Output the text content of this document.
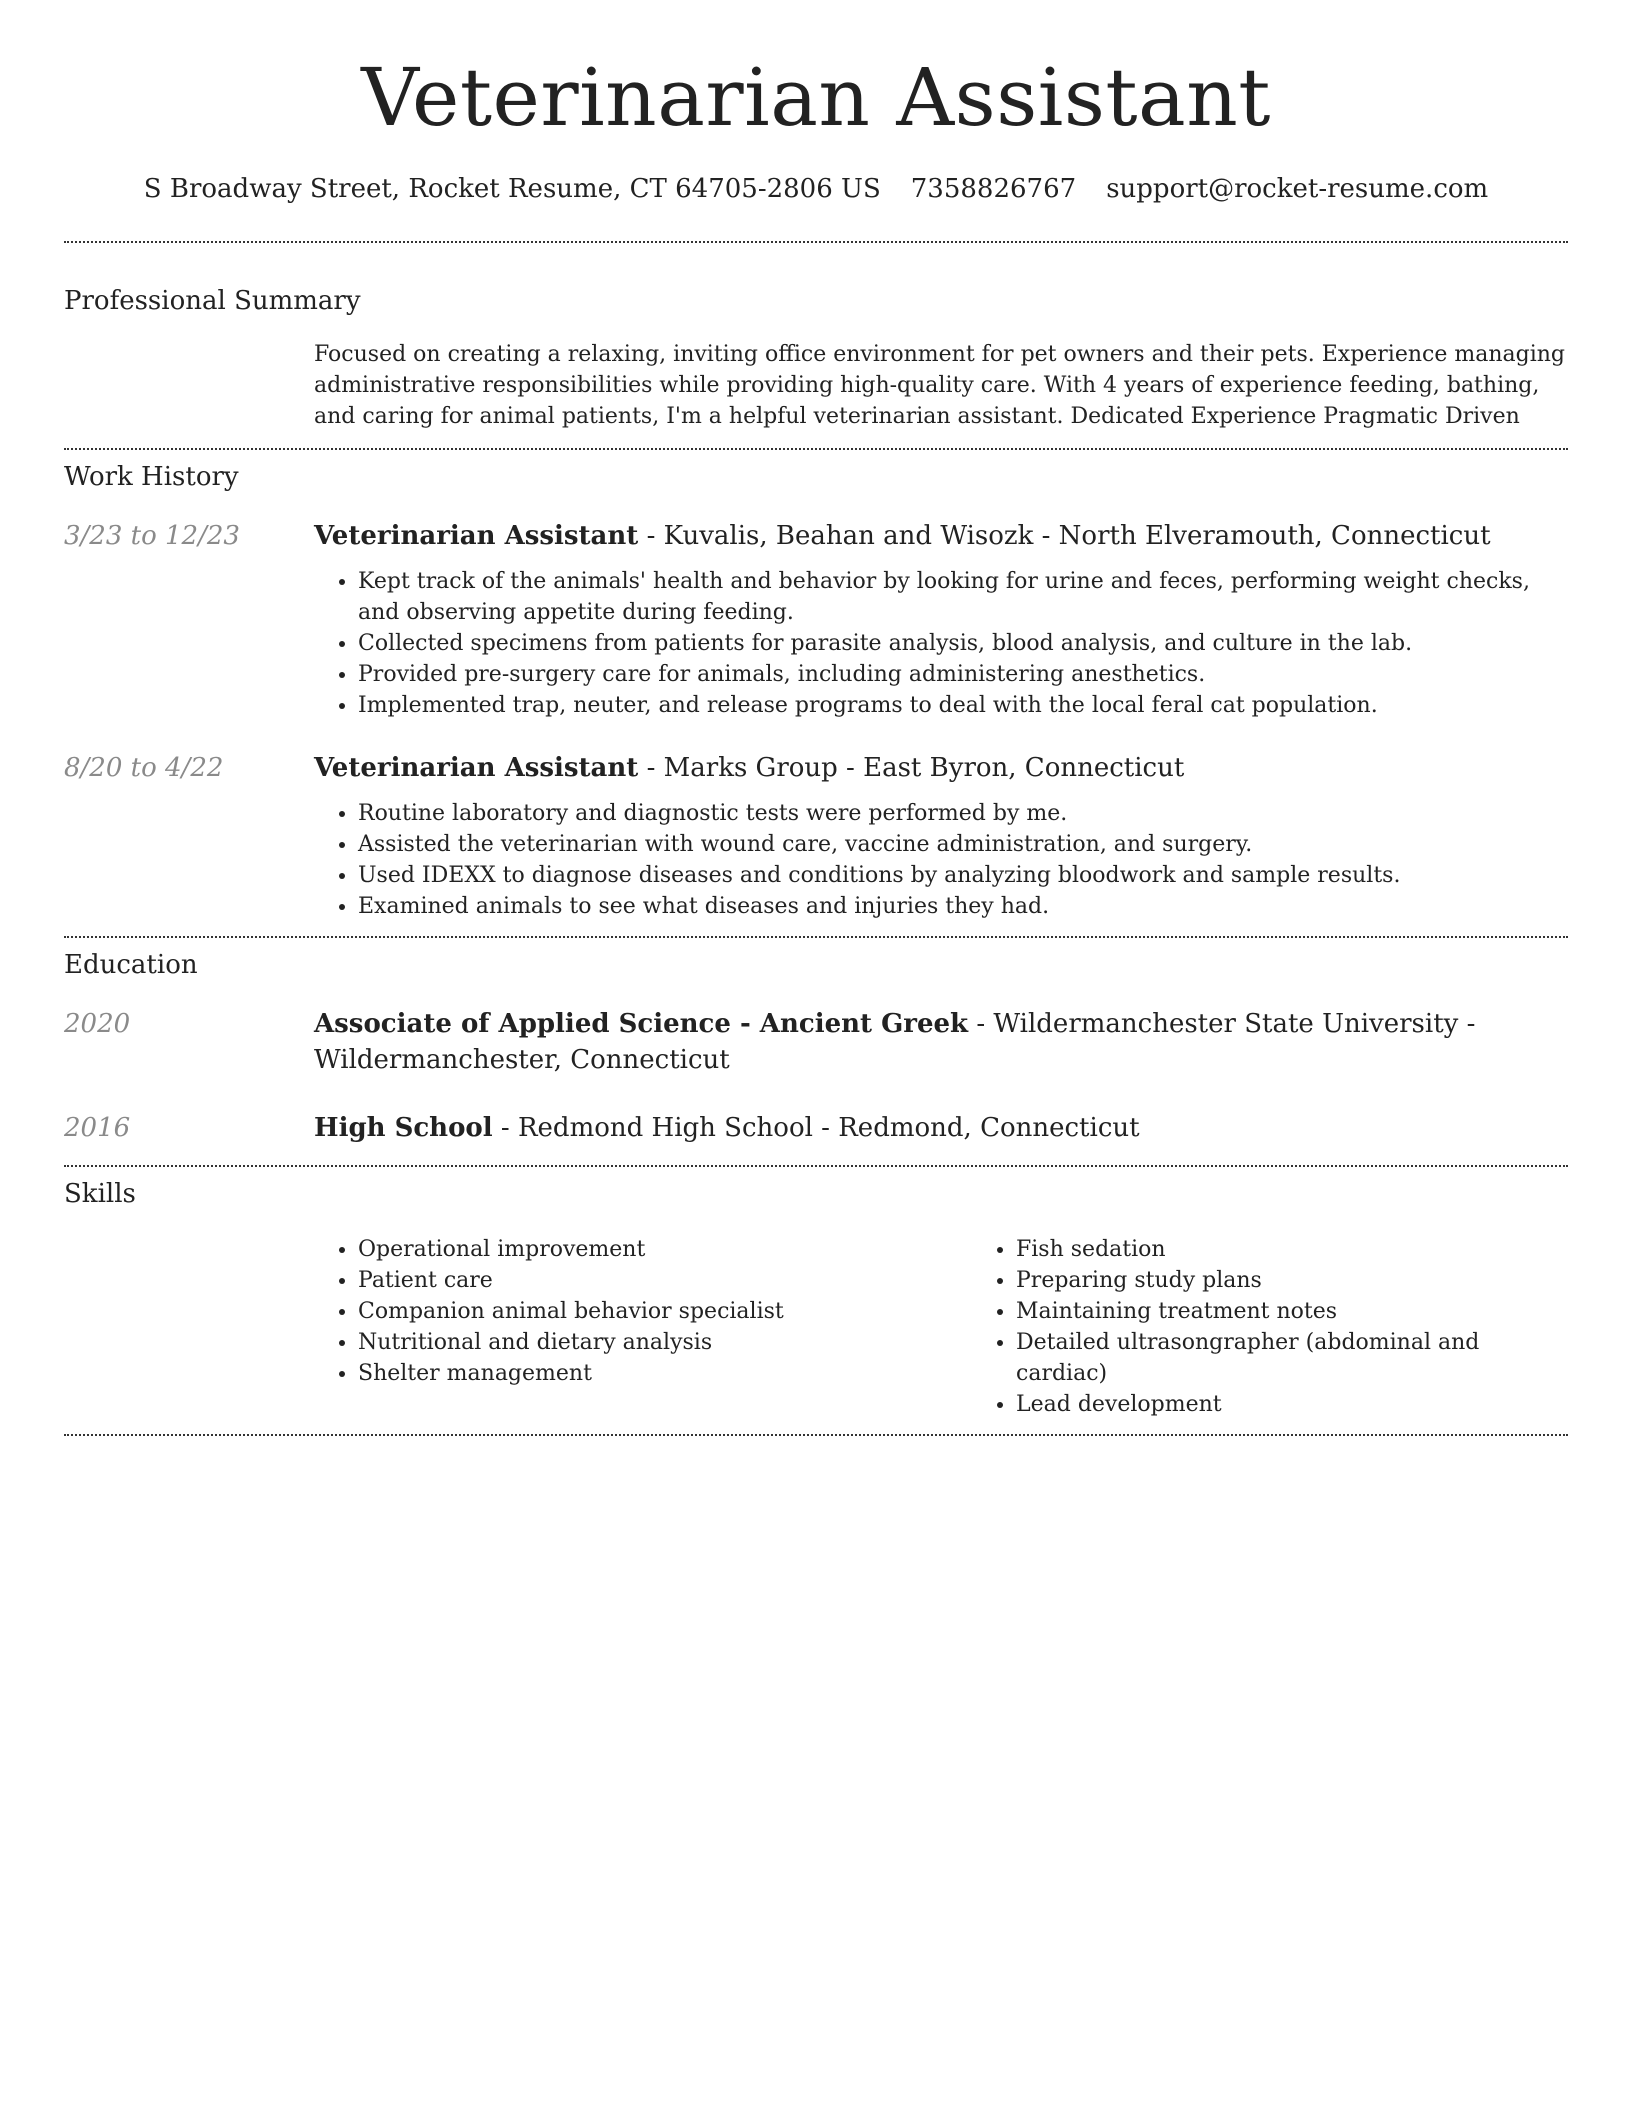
Veterinarian Assistant
S Broadway Street, Rocket Resume, CT 64705-2806 US 7358826767 support@rocket-resume.com
Professional Summary

Focused on creating a relaxing, inviting office environment for pet owners and their pets. Experience managing administrative responsibilities while providing high-quality care. With 4 years of experience feeding, bathing, and caring for animal patients, I'm a helpful veterinarian assistant. Dedicated Experience Pragmatic Driven

Work History
3/23 to 12/23	Veterinarian Assistant - Kuvalis, Beahan and Wisozk - North Elveramouth, Connecticut

• Kept track of the animals' health and behavior by looking for urine and feces, performing weight checks, and observing appetite during feeding.
• Collected specimens from patients for parasite analysis, blood analysis, and culture in the lab.
• Provided pre-surgery care for animals, including administering anesthetics.
• Implemented trap, neuter, and release programs to deal with the local feral cat population.
8/20 to 4/22	Veterinarian Assistant - Marks Group - East Byron, Connecticut

• Routine laboratory and diagnostic tests were performed by me.
• Assisted the veterinarian with wound care, vaccine administration, and surgery.
• Used IDEXX to diagnose diseases and conditions by analyzing bloodwork and sample results.
• Examined animals to see what diseases and injuries they had.
Education
2020	Associate of Applied Science - Ancient Greek - Wildermanchester State University - Wildermanchester, Connecticut

2016	High School - Redmond High School - Redmond, Connecticut

Skills
• Operational improvement
• Patient care
• Companion animal behavior specialist
• Nutritional and dietary analysis
• Shelter management
• Fish sedation
• Preparing study plans
• Maintaining treatment notes
• Detailed ultrasongrapher (abdominal and cardiac)
• Lead development
